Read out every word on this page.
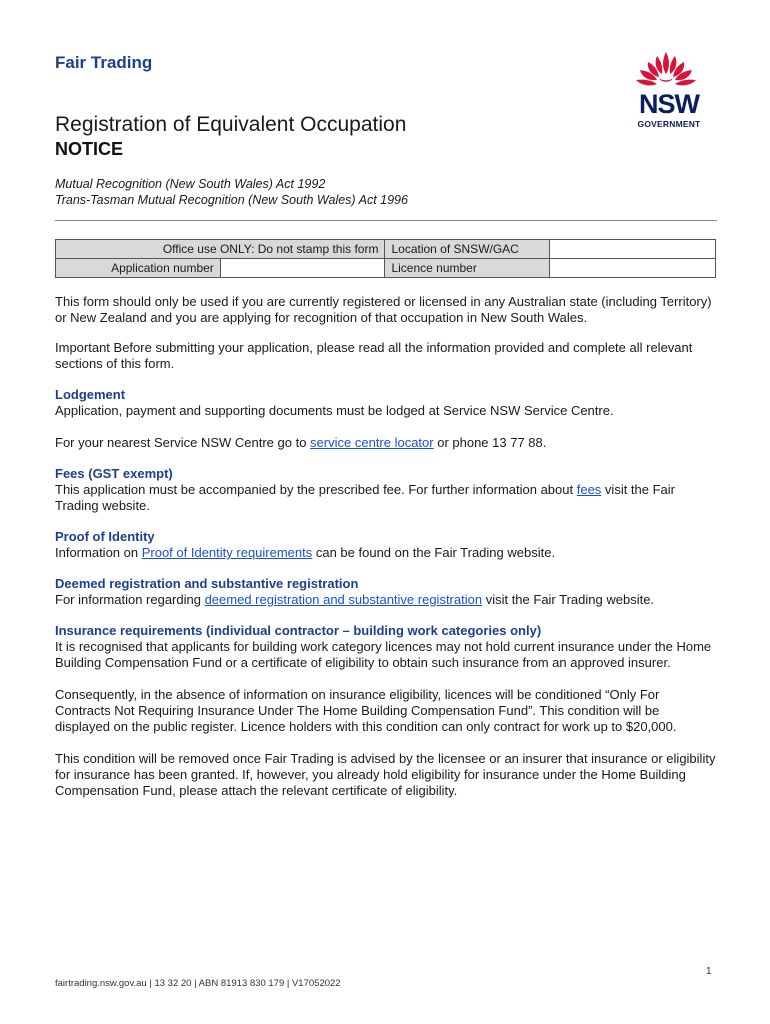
Fair Trading
NSW
GOVERNMENT
Registration of Equivalent Occupation
NOTICE
Mutual Recognition (New South Wales) Act 1992
Trans-Tasman Mutual Recognition (New South Wales) Act 1996
Office use ONLY: Do not stamp this form		Location of SNSW/GAC	
Application number		Licence number	

This form should only be used if you are currently registered or licensed in any Australian state (including Territory) or New Zealand and you are applying for recognition of that occupation in New South Wales.

Important Before submitting your application, please read all the information provided and complete all relevant sections of this form.

Lodgement

Application, payment and supporting documents must be lodged at Service NSW Service Centre.

For your nearest Service NSW Centre go to service centre locator or phone 13 77 88.

Fees (GST exempt)

This application must be accompanied by the prescribed fee. For further information about fees visit the Fair Trading website.

Proof of Identity

Information on Proof of Identity requirements can be found on the Fair Trading website.

Deemed registration and substantive registration

For information regarding deemed registration and substantive registration visit the Fair Trading website.

Insurance requirements (individual contractor – building work categories only)

It is recognised that applicants for building work category licences may not hold current insurance under the Home Building Compensation Fund or a certificate of eligibility to obtain such insurance from an approved insurer.

Consequently, in the absence of information on insurance eligibility, licences will be conditioned “Only For Contracts Not Requiring Insurance Under The Home Building Compensation Fund”. This condition will be displayed on the public register. Licence holders with this condition can only contract for work up to $20,000.

This condition will be removed once Fair Trading is advised by the licensee or an insurer that insurance or eligibility for insurance has been granted. If, however, you already hold eligibility for insurance under the Home Building Compensation Fund, please attach the relevant certificate of eligibility.

1
fairtrading.nsw.gov.au | 13 32 20 | ABN 81913 830 179 | V17052022
